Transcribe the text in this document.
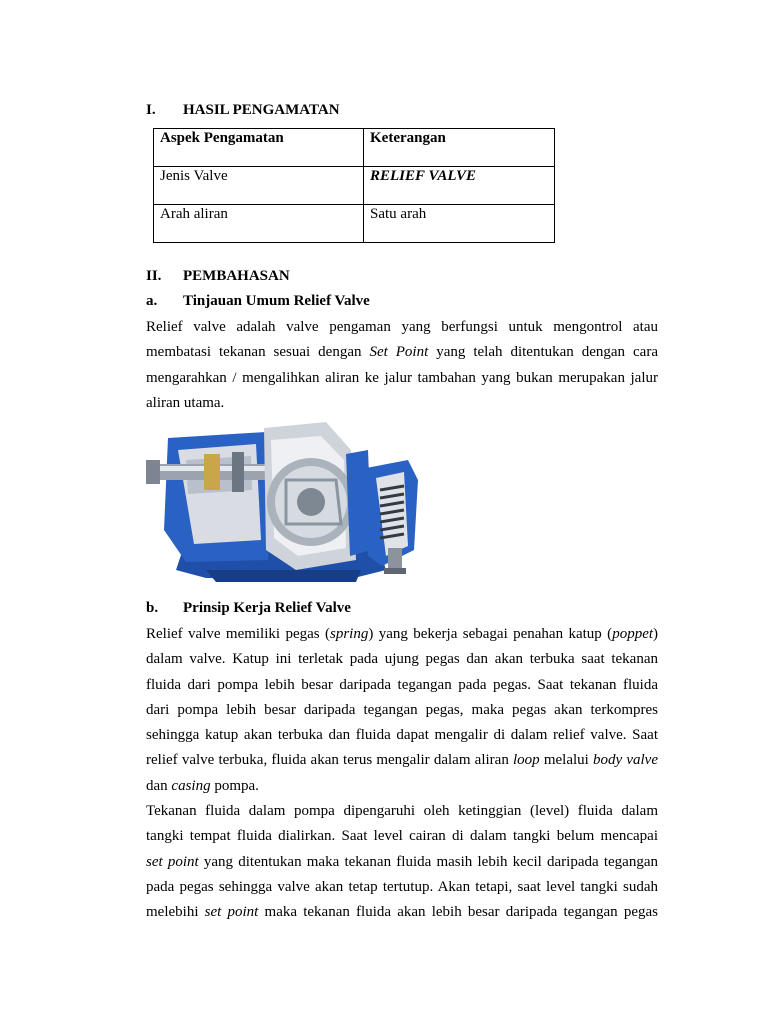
I. HASIL PENGAMATAN
Aspek Pengamatan	Keterangan
Jenis Valve	RELIEF VALVE
Arah aliran	Satu arah
II. PEMBAHASAN
a. Tinjauan Umum Relief Valve
Relief valve adalah valve pengaman yang berfungsi untuk mengontrol atau
membatasi tekanan sesuai dengan Set Point yang telah ditentukan dengan cara
mengarahkan / mengalihkan aliran ke jalur tambahan yang bukan merupakan jalur
aliran utama.
b. Prinsip Kerja Relief Valve
Relief valve memiliki pegas (spring) yang bekerja sebagai penahan katup (poppet)
dalam valve. Katup ini terletak pada ujung pegas dan akan terbuka saat tekanan
fluida dari pompa lebih besar daripada tegangan pada pegas. Saat tekanan fluida
dari pompa lebih besar daripada tegangan pegas, maka pegas akan terkompres
sehingga katup akan terbuka dan fluida dapat mengalir di dalam relief valve. Saat
relief valve terbuka, fluida akan terus mengalir dalam aliran loop melalui body valve
dan casing pompa.
Tekanan fluida dalam pompa dipengaruhi oleh ketinggian (level) fluida dalam
tangki tempat fluida dialirkan. Saat level cairan di dalam tangki belum mencapai
set point yang ditentukan maka tekanan fluida masih lebih kecil daripada tegangan
pada pegas sehingga valve akan tetap tertutup. Akan tetapi, saat level tangki sudah
melebihi set point maka tekanan fluida akan lebih besar daripada tegangan pegas
